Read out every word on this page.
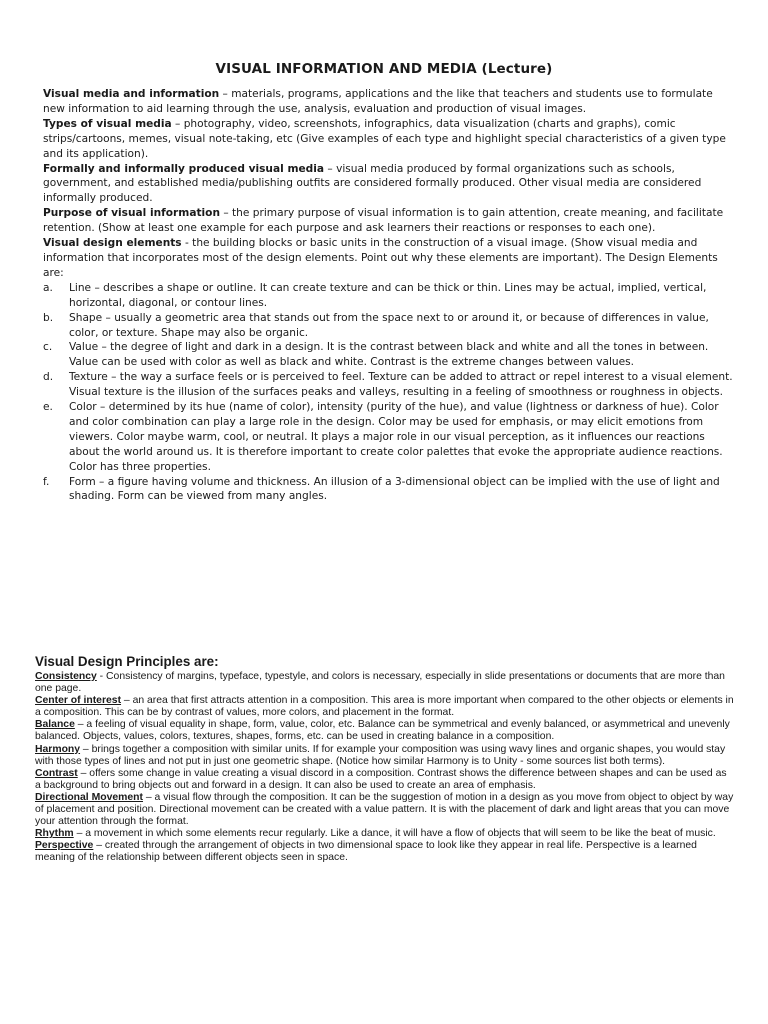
VISUAL INFORMATION AND MEDIA (Lecture)

Visual media and information – materials, programs, applications and the like that teachers and students use to formulate new information to aid learning through the use, analysis, evaluation and production of visual images.

Types of visual media – photography, video, screenshots, infographics, data visualization (charts and graphs), comic strips/cartoons, memes, visual note-taking, etc (Give examples of each type and highlight special characteristics of a given type and its application).

Formally and informally produced visual media – visual media produced by formal organizations such as schools, government, and established media/publishing outfits are considered formally produced. Other visual media are considered informally produced.

Purpose of visual information – the primary purpose of visual information is to gain attention, create meaning, and facilitate retention. (Show at least one example for each purpose and ask learners their reactions or responses to each one).

Visual design elements - the building blocks or basic units in the construction of a visual image. (Show visual media and information that incorporates most of the design elements. Point out why these elements are important). The Design Elements are:

a.	Line – describes a shape or outline. It can create texture and can be thick or thin. Lines may be actual, implied, vertical, horizontal, diagonal, or contour lines.
b.	Shape – usually a geometric area that stands out from the space next to or around it, or because of differences in value, color, or texture. Shape may also be organic.
c.	Value – the degree of light and dark in a design. It is the contrast between black and white and all the tones in between. Value can be used with color as well as black and white. Contrast is the extreme changes between values.
d.	Texture – the way a surface feels or is perceived to feel. Texture can be added to attract or repel interest to a visual element. Visual texture is the illusion of the surfaces peaks and valleys, resulting in a feeling of smoothness or roughness in objects.
e.	Color – determined by its hue (name of color), intensity (purity of the hue), and value (lightness or darkness of hue). Color and color combination can play a large role in the design. Color may be used for emphasis, or may elicit emotions from viewers. Color maybe warm, cool, or neutral. It plays a major role in our visual perception, as it influences our reactions about the world around us. It is therefore important to create color palettes that evoke the appropriate audience reactions. Color has three properties.
f.	Form – a figure having volume and thickness. An illusion of a 3-dimensional object can be implied with the use of light and shading. Form can be viewed from many angles.
Visual Design Principles are:

Consistency - Consistency of margins, typeface, typestyle, and colors is necessary, especially in slide presentations or documents that are more than one page.

Center of interest – an area that first attracts attention in a composition. This area is more important when compared to the other objects or elements in a composition. This can be by contrast of values, more colors, and placement in the format.

Balance – a feeling of visual equality in shape, form, value, color, etc. Balance can be symmetrical and evenly balanced, or asymmetrical and unevenly balanced. Objects, values, colors, textures, shapes, forms, etc. can be used in creating balance in a composition.

Harmony – brings together a composition with similar units. If for example your composition was using wavy lines and organic shapes, you would stay with those types of lines and not put in just one geometric shape. (Notice how similar Harmony is to Unity - some sources list both terms).

Contrast – offers some change in value creating a visual discord in a composition. Contrast shows the difference between shapes and can be used as a background to bring objects out and forward in a design. It can also be used to create an area of emphasis.

Directional Movement – a visual flow through the composition. It can be the suggestion of motion in a design as you move from object to object by way of placement and position. Directional movement can be created with a value pattern. It is with the placement of dark and light areas that you can move your attention through the format.

Rhythm – a movement in which some elements recur regularly. Like a dance, it will have a flow of objects that will seem to be like the beat of music.

Perspective – created through the arrangement of objects in two dimensional space to look like they appear in real life. Perspective is a learned meaning of the relationship between different objects seen in space.
